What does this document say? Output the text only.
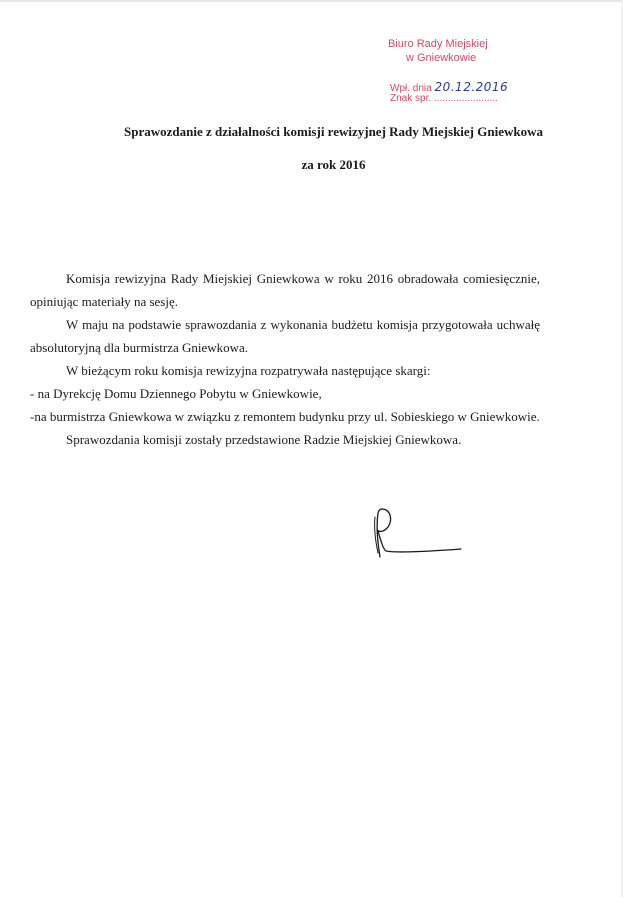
Biuro Rady Miejskiej
w Gniewkowie
Wpł. dnia 20.12.2016
Znak spr. .......................
Sprawozdanie z działalności komisji rewizyjnej Rady Miejskiej Gniewkowa
za rok 2016

Komisja rewizyjna Rady Miejskiej Gniewkowa w roku 2016 obradowała comiesięcznie, opiniując materiały na sesję.

W maju na podstawie sprawozdania z wykonania budżetu komisja przygotowała uchwałę absolutoryjną dla burmistrza Gniewkowa.

W bieżącym roku komisja rewizyjna rozpatrywała następujące skargi:

- na Dyrekcję Domu Dziennego Pobytu w Gniewkowie,

-na burmistrza Gniewkowa w związku z remontem budynku przy ul. Sobieskiego w Gniewkowie.

Sprawozdania komisji zostały przedstawione Radzie Miejskiej Gniewkowa.
